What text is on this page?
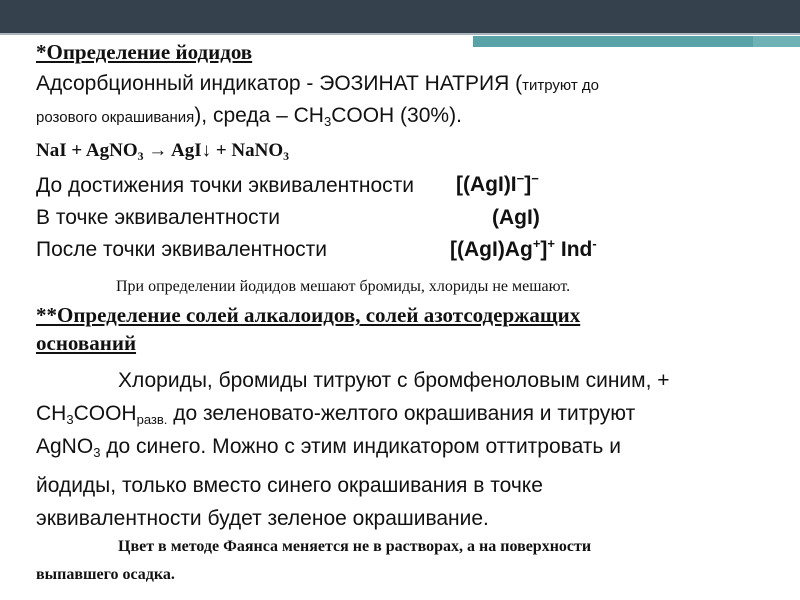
*Определение йодидов
Адсорбционный индикатор - ЭОЗИНАТ НАТРИЯ (титруют до
розового окрашивания), среда – $CH_3COOH$ (30%).
NaI + AgNO$_3$ → AgI↓ + NaNO$_3$
До достижения точки эквивалентности [(AgI)I−]−
В точке эквивалентности	(AgI)
После точки эквивалентности	[(AgI)Ag+]+ Ind-
При определении йодидов мешают бромиды, хлориды не мешают.
**Определение солей алкалоидов, солей азотсодержащих
оснований
Хлориды, бромиды титруют с бромфеноловым синим, +
$CH_3COOH_{разв.}$ до зеленовато-желтого окрашивания и титруют
AgNO$_3$ до синего. Можно с этим индикатором оттитровать и
йодиды, только вместо синего окрашивания в точке
эквивалентности будет зеленое окрашивание.
Цвет в методе Фаянса меняется не в растворах, а на поверхности
выпавшего осадка.
